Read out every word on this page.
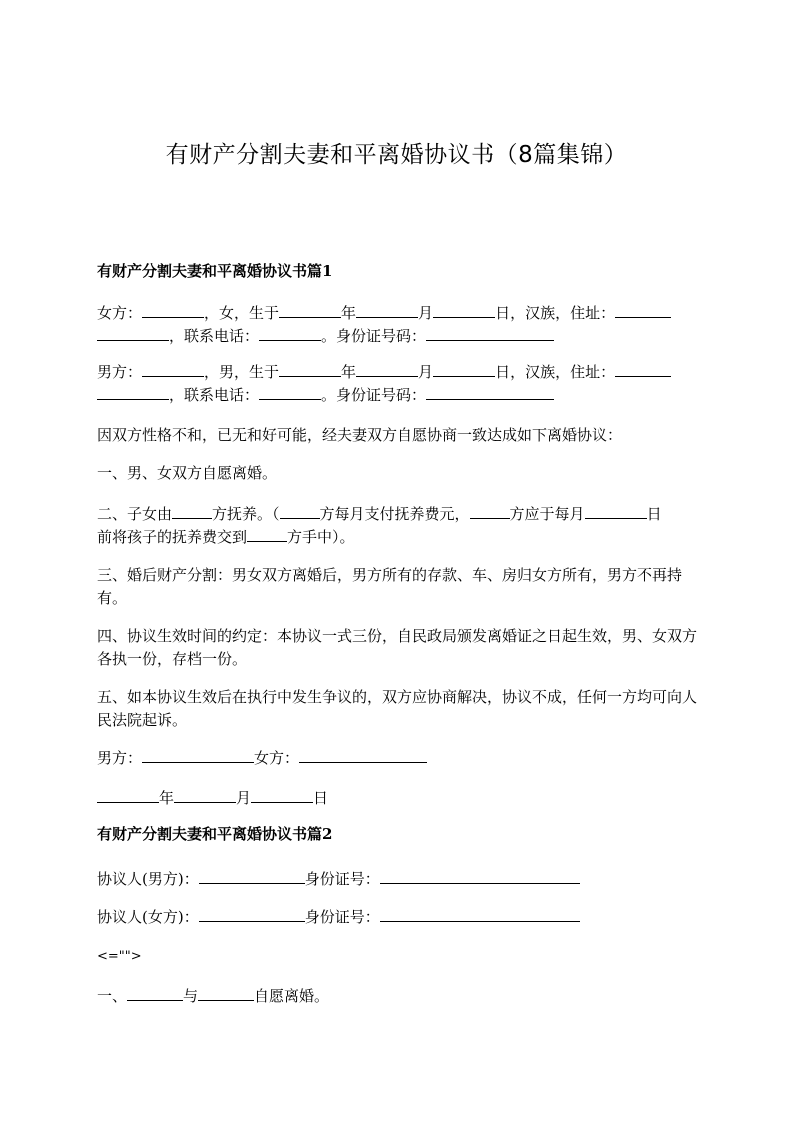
有财产分割夫妻和平离婚协议书（8篇集锦）
有财产分割夫妻和平离婚协议书篇1
女方：	，女，生于	年	月	日，汉族，住址：
，联系电话：	。身份证号码：
男方：	，男，生于	年	月	日，汉族，住址：
，联系电话：	。身份证号码：
因双方性格不和，已无和好可能，经夫妻双方自愿协商一致达成如下离婚协议：
一、男、女双方自愿离婚。
二、子女由	方抚养。（	方每月支付抚养费元，	方应于每月	日
前将孩子的抚养费交到	方手中）。
三、婚后财产分割：男女双方离婚后，男方所有的存款、车、房归女方所有，男方不再持有。
四、协议生效时间的约定：本协议一式三份，自民政局颁发离婚证之日起生效，男、女双方各执一份，存档一份。
五、如本协议生效后在执行中发生争议的，双方应协商解决，协议不成，任何一方均可向人民法院起诉。
男方：	女方：
年	月	日
有财产分割夫妻和平离婚协议书篇2
协议人(男方)：	身份证号：
协议人(女方)：	身份证号：
<="">
一、	与	自愿离婚。
